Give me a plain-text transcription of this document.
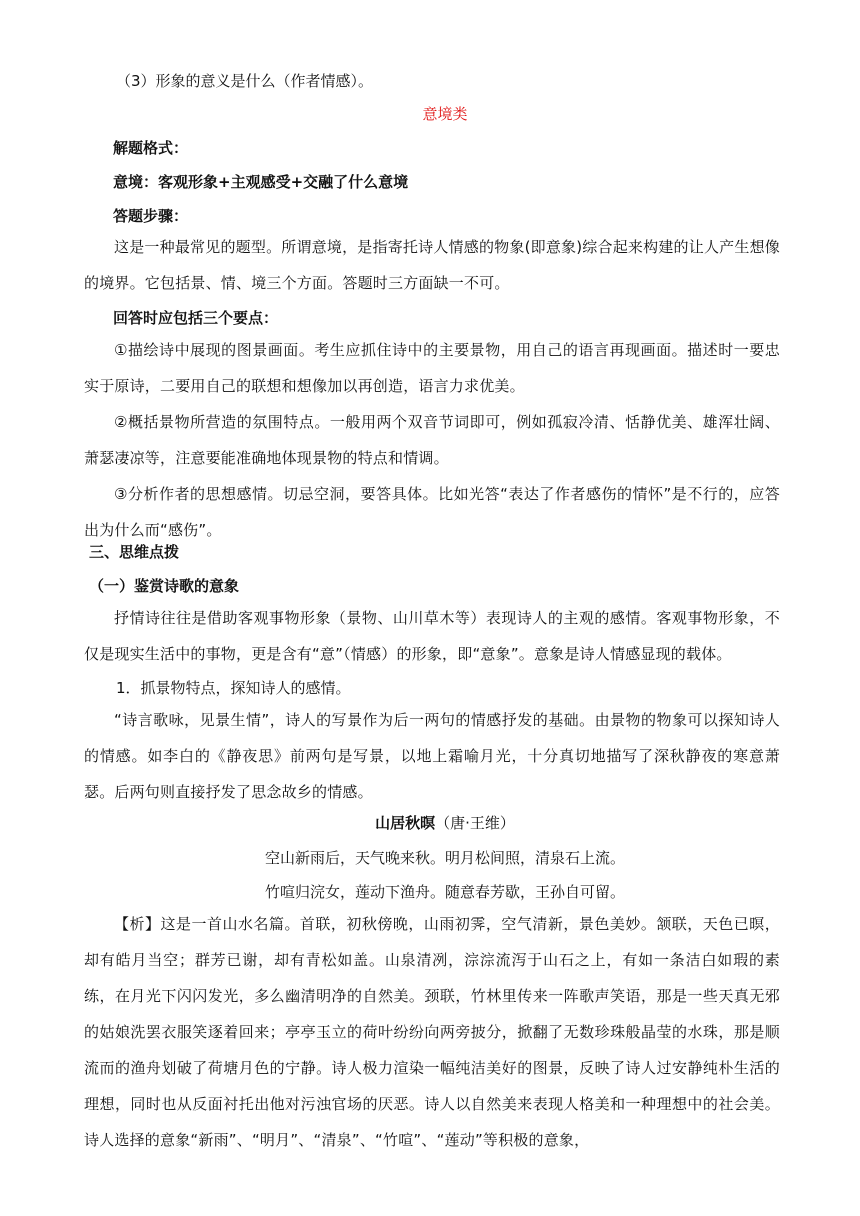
（3）形象的意义是什么（作者情感）。

意境类

解题格式：

意境：客观形象+主观感受+交融了什么意境

答题步骤：

这是一种最常见的题型。所谓意境，是指寄托诗人情感的物象(即意象)综合起来构建的让人产生想像的境界。它包括景、情、境三个方面。答题时三方面缺一不可。

回答时应包括三个要点：

①描绘诗中展现的图景画面。考生应抓住诗中的主要景物，用自己的语言再现画面。描述时一要忠实于原诗，二要用自己的联想和想像加以再创造，语言力求优美。

②概括景物所营造的氛围特点。一般用两个双音节词即可，例如孤寂冷清、恬静优美、雄浑壮阔、萧瑟凄凉等，注意要能准确地体现景物的特点和情调。

③分析作者的思想感情。切忌空洞，要答具体。比如光答“表达了作者感伤的情怀”是不行的，应答出为什么而“感伤”。

三、思维点拨

（一）鉴赏诗歌的意象

抒情诗往往是借助客观事物形象（景物、山川草木等）表现诗人的主观的感情。客观事物形象，不仅是现实生活中的事物，更是含有“意”（情感）的形象，即“意象”。意象是诗人情感显现的载体。

1．抓景物特点，探知诗人的感情。

“诗言歌咏，见景生情”，诗人的写景作为后一两句的情感抒发的基础。由景物的物象可以探知诗人的情感。如李白的《静夜思》前两句是写景，以地上霜喻月光，十分真切地描写了深秋静夜的寒意萧瑟。后两句则直接抒发了思念故乡的情感。

山居秋暝（唐·王维）

空山新雨后，天气晚来秋。明月松间照，清泉石上流。

竹喧归浣女，莲动下渔舟。随意春芳歇，王孙自可留。

【析】这是一首山水名篇。首联，初秋傍晚，山雨初霁，空气清新，景色美妙。颔联，天色已暝，却有皓月当空；群芳已谢，却有青松如盖。山泉清冽，淙淙流泻于山石之上，有如一条洁白如瑕的素练，在月光下闪闪发光，多么幽清明净的自然美。颈联，竹林里传来一阵歌声笑语，那是一些天真无邪的姑娘洗罢衣服笑逐着回来；亭亭玉立的荷叶纷纷向两旁披分，掀翻了无数珍珠般晶莹的水珠，那是顺流而的渔舟划破了荷塘月色的宁静。诗人极力渲染一幅纯洁美好的图景，反映了诗人过安静纯朴生活的理想，同时也从反面衬托出他对污浊官场的厌恶。诗人以自然美来表现人格美和一种理想中的社会美。诗人选择的意象“新雨”、“明月”、“清泉”、“竹喧”、“莲动”等积极的意象，
